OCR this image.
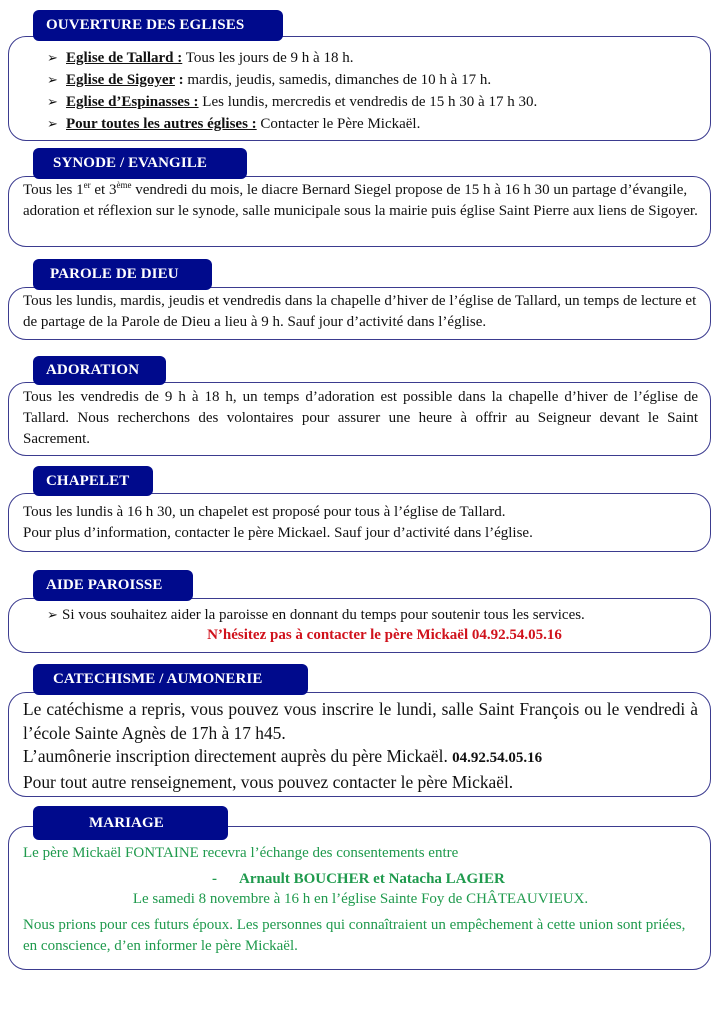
OUVERTURE DES EGLISES
➢ Eglise de Tallard : Tous les jours de 9 h à 18 h.
➢ Eglise de Sigoyer : mardis, jeudis, samedis, dimanches de 10 h à 17 h.
➢ Eglise d’Espinasses : Les lundis, mercredis et vendredis de 15 h 30 à 17 h 30.
➢ Pour toutes les autres églises : Contacter le Père Mickaël.
SYNODE / EVANGILE
Tous les 1er et 3ème vendredi du mois, le diacre Bernard Siegel propose de 15 h à 16 h 30 un partage d’évangile, adoration et réflexion sur le synode, salle municipale sous la mairie puis église Saint Pierre aux liens de Sigoyer.
PAROLE DE DIEU
Tous les lundis, mardis, jeudis et vendredis dans la chapelle d’hiver de l’église de Tallard, un temps de lecture et de partage de la Parole de Dieu a lieu à 9 h. Sauf jour d’activité dans l’église.
ADORATION
Tous les vendredis de 9 h à 18 h, un temps d’adoration est possible dans la chapelle d’hiver de l’église de Tallard. Nous recherchons des volontaires pour assurer une heure à offrir au Seigneur devant le Saint Sacrement.
CHAPELET
Tous les lundis à 16 h 30, un chapelet est proposé pour tous à l’église de Tallard.
Pour plus d’information, contacter le père Mickael. Sauf jour d’activité dans l’église.
AIDE PAROISSE
➢ Si vous souhaitez aider la paroisse en donnant du temps pour soutenir tous les services.
N’hésitez pas à contacter le père Mickaël 04.92.54.05.16
CATECHISME / AUMONERIE
Le catéchisme a repris, vous pouvez vous inscrire le lundi, salle Saint François ou le vendredi à l’école Sainte Agnès de 17h à 17 h45.
L’aumônerie inscription directement auprès du père Mickaël. 04.92.54.05.16
Pour tout autre renseignement, vous pouvez contacter le père Mickaël.
MARIAGE
Le père Mickaël FONTAINE recevra l’échange des consentements entre
- Arnault BOUCHER et Natacha LAGIER
Le samedi 8 novembre à 16 h en l’église Sainte Foy de CHÂTEAUVIEUX.
Nous prions pour ces futurs époux. Les personnes qui connaîtraient un empêchement à cette union sont priées, en conscience, d’en informer le père Mickaël.
